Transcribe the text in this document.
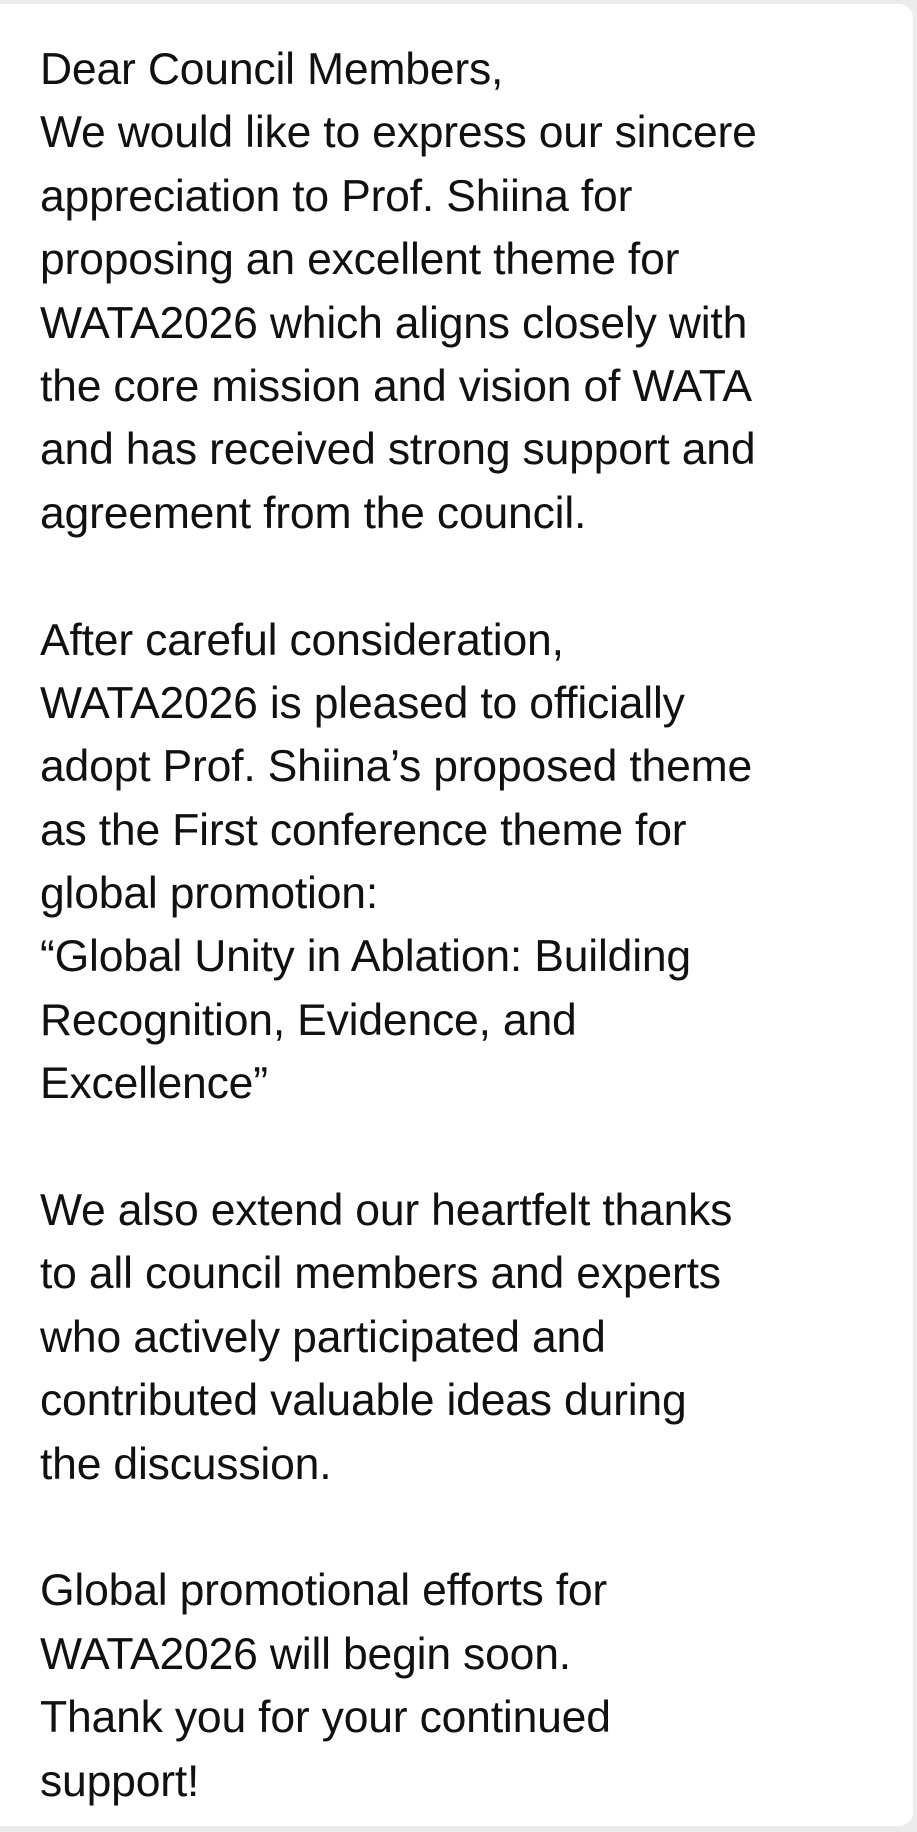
Dear Council Members,
We would like to express our sincere
appreciation to Prof. Shiina for
proposing an excellent theme for
WATA2026 which aligns closely with
the core mission and vision of WATA
and has received strong support and
agreement from the council.
After careful consideration,
WATA2026 is pleased to officially
adopt Prof. Shiina’s proposed theme
as the First conference theme for
global promotion:
“Global Unity in Ablation: Building
Recognition, Evidence, and
Excellence”
We also extend our heartfelt thanks
to all council members and experts
who actively participated and
contributed valuable ideas during
the discussion.
Global promotional efforts for
WATA2026 will begin soon.
Thank you for your continued
support!
